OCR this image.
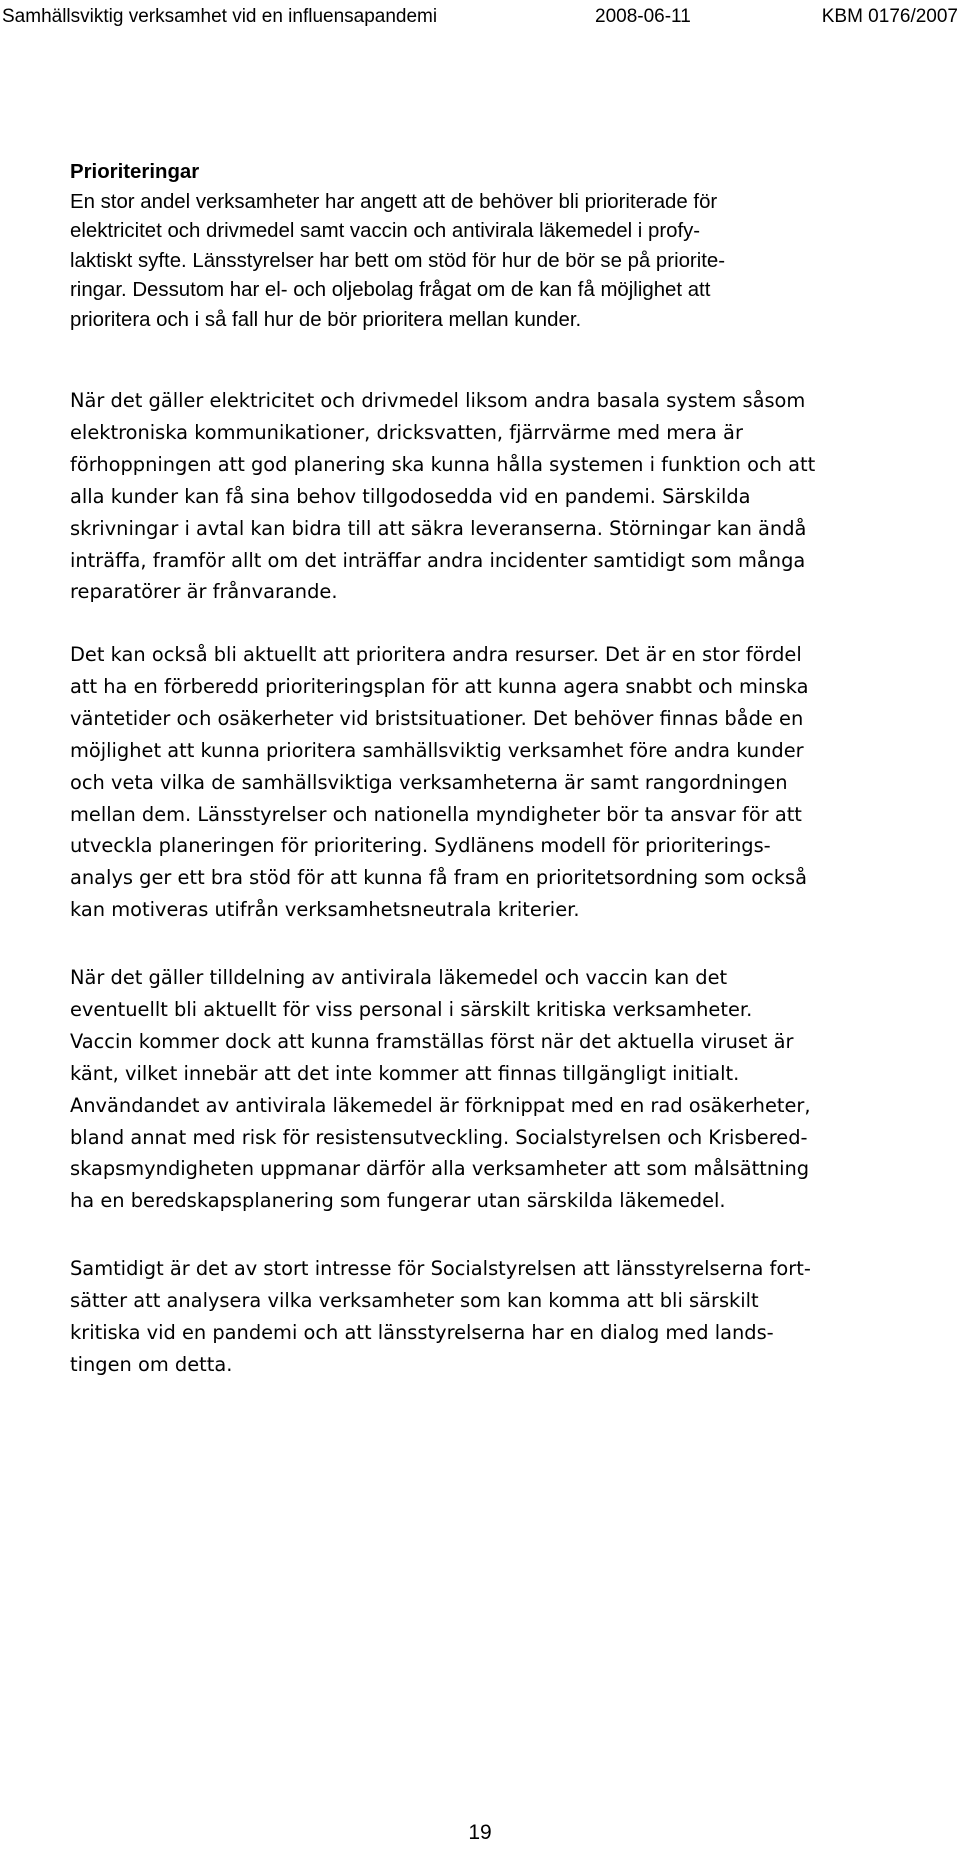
Samhällsviktig verksamhet vid en influensapandemi	2008-06-11	KBM 0176/2007

Prioriteringar

En stor andel verksamheter har angett att de behöver bli prioriterade för
elektricitet och drivmedel samt vaccin och antivirala läkemedel i profy-
laktiskt syfte. Länsstyrelser har bett om stöd för hur de bör se på priorite-
ringar. Dessutom har el- och oljebolag frågat om de kan få möjlighet att
prioritera och i så fall hur de bör prioritera mellan kunder.
När det gäller elektricitet och drivmedel liksom andra basala system såsom
elektroniska kommunikationer, dricksvatten, fjärrvärme med mera är
förhoppningen att god planering ska kunna hålla systemen i funktion och att
alla kunder kan få sina behov tillgodosedda vid en pandemi. Särskilda
skrivningar i avtal kan bidra till att säkra leveranserna. Störningar kan ändå
inträffa, framför allt om det inträffar andra incidenter samtidigt som många
reparatörer är frånvarande.
Det kan också bli aktuellt att prioritera andra resurser. Det är en stor fördel
att ha en förberedd prioriteringsplan för att kunna agera snabbt och minska
väntetider och osäkerheter vid bristsituationer. Det behöver finnas både en
möjlighet att kunna prioritera samhällsviktig verksamhet före andra kunder
och veta vilka de samhällsviktiga verksamheterna är samt rangordningen
mellan dem. Länsstyrelser och nationella myndigheter bör ta ansvar för att
utveckla planeringen för prioritering. Sydlänens modell för prioriterings-
analys ger ett bra stöd för att kunna få fram en prioritetsordning som också
kan motiveras utifrån verksamhetsneutrala kriterier.
När det gäller tilldelning av antivirala läkemedel och vaccin kan det
eventuellt bli aktuellt för viss personal i särskilt kritiska verksamheter.
Vaccin kommer dock att kunna framställas först när det aktuella viruset är
känt, vilket innebär att det inte kommer att finnas tillgängligt initialt.
Användandet av antivirala läkemedel är förknippat med en rad osäkerheter,
bland annat med risk för resistensutveckling. Socialstyrelsen och Krisbered-
skapsmyndigheten uppmanar därför alla verksamheter att som målsättning
ha en beredskapsplanering som fungerar utan särskilda läkemedel.
Samtidigt är det av stort intresse för Socialstyrelsen att länsstyrelserna fort-
sätter att analysera vilka verksamheter som kan komma att bli särskilt
kritiska vid en pandemi och att länsstyrelserna har en dialog med lands-
tingen om detta.
19
